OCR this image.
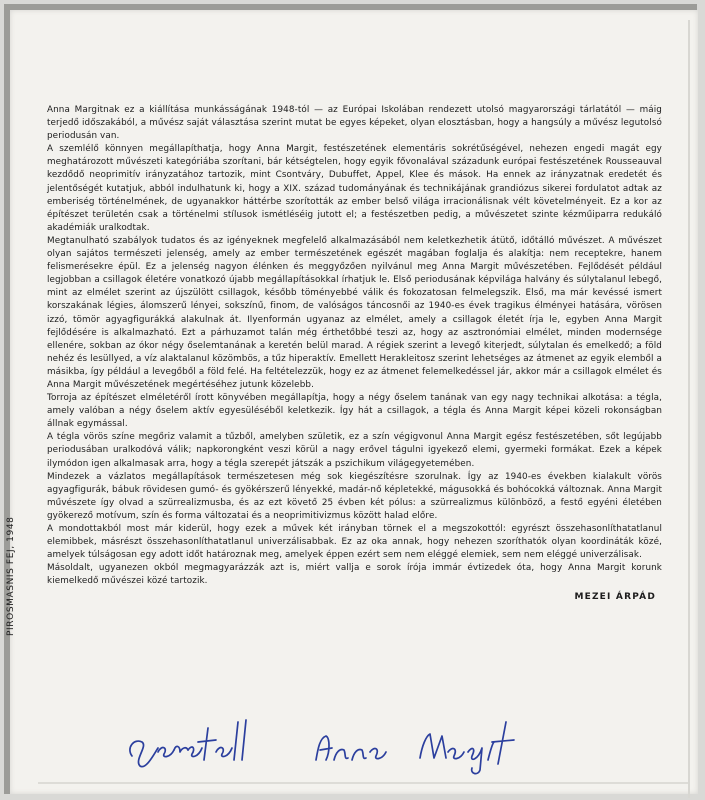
PIROSMASNIS FEJ, 1948

Anna Margitnak ez a kiállítása munkásságának 1948-tól — az Európai Iskolában rendezett utolsó magyarországi tárlatától — máig terjedő időszakából, a művész saját választása szerint mutat be egyes képeket, olyan elosztásban, hogy a hangsúly a művész legutolsó periodusán van.

A szemlélő könnyen megállapíthatja, hogy Anna Margit, festészetének elementáris sokrétűségével, nehezen engedi magát egy meghatározott művészeti kategóriába szorítani, bár kétségtelen, hogy egyik fővonalával századunk európai festészetének Rousseauval kezdődő neoprimitív irányzatához tartozik, mint Csontváry, Dubuffet, Appel, Klee és mások. Ha ennek az irányzatnak eredetét és jelentőségét kutatjuk, abból indulhatunk ki, hogy a XIX. század tudományának és technikájának grandiózus sikerei fordulatot adtak az emberiség történelmének, de ugyanakkor háttérbe szorították az ember belső világa irracionálisnak vélt követelményeit. Ez a kor az építészet területén csak a történelmi stílusok ismétléséig jutott el; a festészetben pedig, a művészetet szinte kézműiparra redukáló akadémiák uralkodtak.

Megtanulható szabályok tudatos és az igényeknek megfelelő alkalmazásából nem keletkezhetik átütő, időtálló művészet. A művészet olyan sajátos természeti jelenség, amely az ember természetének egészét magában foglalja és alakítja: nem receptekre, hanem felismerésekre épül. Ez a jelenség nagyon élénken és meggyőzően nyilvánul meg Anna Margit művészetében. Fejlődését például legjobban a csillagok életére vonatkozó újabb megállapításokkal írhatjuk le. Első periodusának képvilága halvány és súlytalanul lebegő, mint az elmélet szerint az újszülött csillagok, később töményebbé válik és fokozatosan felmelegszik. Első, ma már kevéssé ismert korszakának légies, álomszerű lényei, sokszínű, finom, de valóságos táncosnői az 1940-es évek tragikus élményei hatására, vörösen izzó, tömör agyagfigurákká alakulnak át. Ilyenformán ugyanaz az elmélet, amely a csillagok életét írja le, egyben Anna Margit fejlődésére is alkalmazható. Ezt a párhuzamot talán még érthetőbbé teszi az, hogy az asztronómiai elmélet, minden modernsége ellenére, sokban az ókor négy őselemtanának a keretén belül marad. A régiek szerint a levegő kiterjedt, súlytalan és emelkedő; a föld nehéz és lesüllyed, a víz alaktalanul közömbös, a tűz hiperaktív. Emellett Herakleitosz szerint lehetséges az átmenet az egyik elemből a másikba, így például a levegőből a föld felé. Ha feltételezzük, hogy ez az átmenet felemelkedéssel jár, akkor már a csillagok elmélet és Anna Margit művészetének megértéséhez jutunk közelebb.

Torroja az építészet elméletéről írott könyvében megállapítja, hogy a négy őselem tanának van egy nagy technikai alkotása: a tégla, amely valóban a négy őselem aktív egyesüléséből keletkezik. Így hát a csillagok, a tégla és Anna Margit képei közeli rokonságban állnak egymással.

A tégla vörös színe megőriz valamit a tűzből, amelyben születik, ez a szín végigvonul Anna Margit egész festészetében, sőt legújabb periodusában uralkodóvá válik; napkorongként veszi körül a nagy erővel tágulni igyekező elemi, gyermeki formákat. Ezek a képek ilymódon igen alkalmasak arra, hogy a tégla szerepét játszák a pszichikum világegyetemében.

Mindezek a vázlatos megállapítások természetesen még sok kiegészítésre szorulnak. Így az 1940-es években kialakult vörös agyagfigurák, bábuk rövidesen gumó- és gyökérszerű lényekké, madár-nő képletekké, mágusokká és bohócokká változnak. Anna Margit művészete így olvad a szürrealizmusba, és az ezt követő 25 évben két pólus: a szürrealizmus különböző, a festő egyéni életében gyökerező motívum, szín és forma változatai és a neoprimitivizmus között halad előre.

A mondottakból most már kiderül, hogy ezek a művek két irányban törnek el a megszokottól: egyrészt összehasonlíthatatlanul elemibbek, másrészt összehasonlíthatatlanul univerzálisabbak. Ez az oka annak, hogy nehezen szoríthatók olyan koordináták közé, amelyek túlságosan egy adott időt határoznak meg, amelyek éppen ezért sem nem eléggé elemiek, sem nem eléggé univerzálisak.

Másoldalt, ugyanezen okból megmagyarázzák azt is, miért vallja e sorok írója immár évtizedek óta, hogy Anna Margit korunk kiemelkedő művészei közé tartozik.

MEZEI ÁRPÁD
